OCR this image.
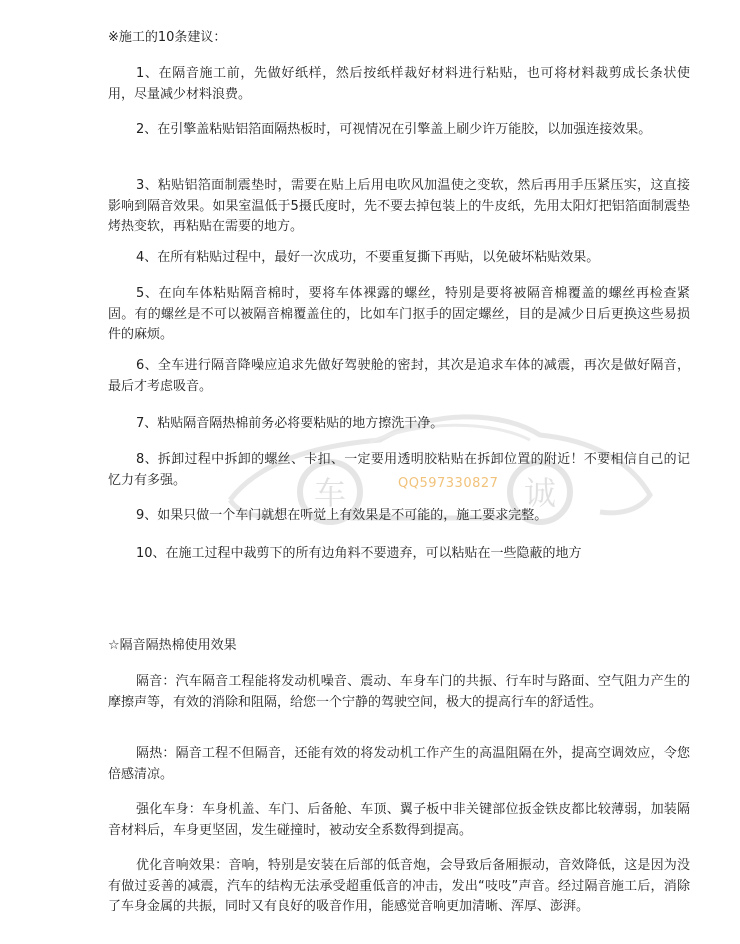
车	诚
QQ597330827
※施工的10条建议：
1、在隔音施工前，先做好纸样，然后按纸样裁好材料进行粘贴，也可将材料裁剪成长条状使用，尽量减少材料浪费。
2、在引擎盖粘贴铝箔面隔热板时，可视情况在引擎盖上刷少许万能胶，以加强连接效果。
3、粘贴铝箔面制震垫时，需要在贴上后用电吹风加温使之变软，然后再用手压紧压实，这直接影响到隔音效果。如果室温低于5摄氏度时，先不要去掉包装上的牛皮纸，先用太阳灯把铝箔面制震垫烤热变软，再粘贴在需要的地方。
4、在所有粘贴过程中，最好一次成功，不要重复撕下再贴，以免破坏粘贴效果。
5、在向车体粘贴隔音棉时，要将车体裸露的螺丝，特别是要将被隔音棉覆盖的螺丝再检查紧固。有的螺丝是不可以被隔音棉覆盖住的，比如车门抠手的固定螺丝，目的是减少日后更换这些易损件的麻烦。
6、全车进行隔音降噪应追求先做好驾驶舱的密封，其次是追求车体的减震，再次是做好隔音，最后才考虑吸音。
7、粘贴隔音隔热棉前务必将要粘贴的地方擦洗干净。
8、拆卸过程中拆卸的螺丝、卡扣、一定要用透明胶粘贴在拆卸位置的附近！不要相信自己的记忆力有多强。
9、如果只做一个车门就想在听觉上有效果是不可能的，施工要求完整。
10、在施工过程中裁剪下的所有边角料不要遗弃，可以粘贴在一些隐蔽的地方
☆隔音隔热棉使用效果
隔音：汽车隔音工程能将发动机噪音、震动、车身车门的共振、行车时与路面、空气阻力产生的摩擦声等，有效的消除和阻隔，给您一个宁静的驾驶空间，极大的提高行车的舒适性。
隔热：隔音工程不但隔音，还能有效的将发动机工作产生的高温阻隔在外，提高空调效应，令您倍感清凉。
强化车身：车身机盖、车门、后备舱、车顶、翼子板中非关键部位扳金铁皮都比较薄弱，加装隔音材料后，车身更坚固，发生碰撞时，被动安全系数得到提高。
优化音响效果：音响，特别是安装在后部的低音炮，会导致后备厢振动，音效降低，这是因为没有做过妥善的减震，汽车的结构无法承受超重低音的冲击，发出“吱吱”声音。经过隔音施工后，消除了车身金属的共振，同时又有良好的吸音作用，能感觉音响更加清晰、浑厚、澎湃。
